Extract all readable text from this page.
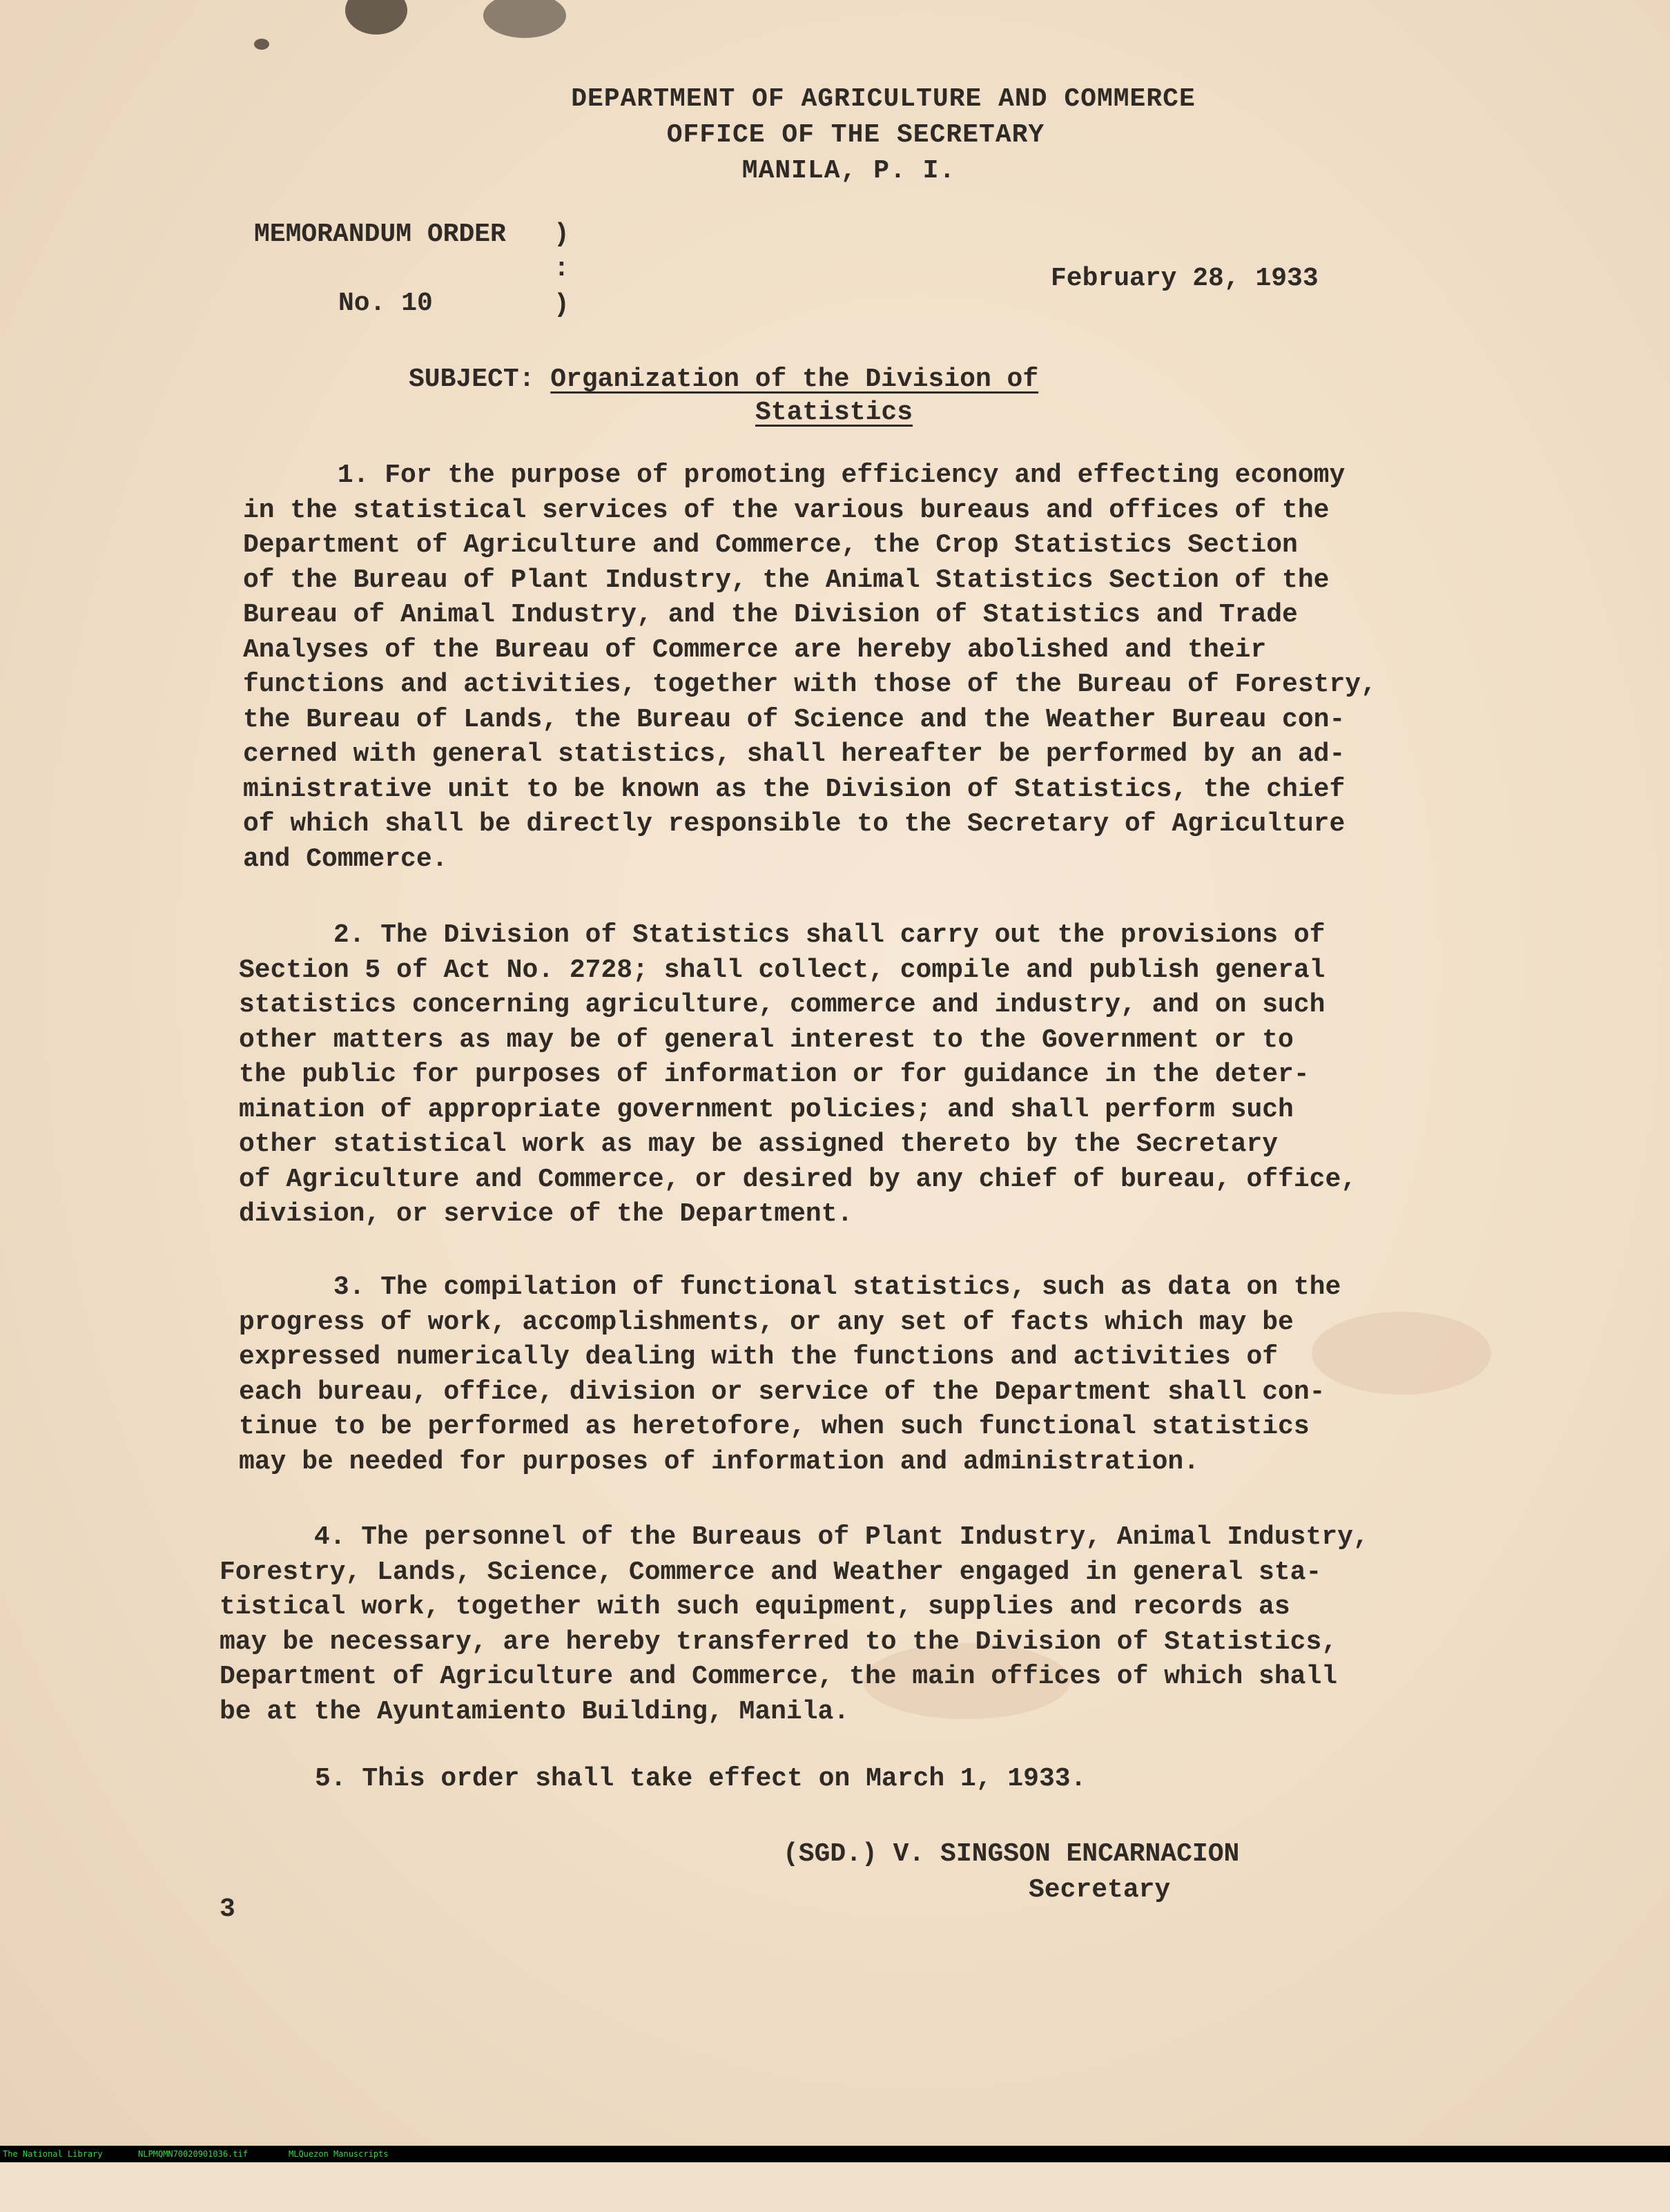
DEPARTMENT OF AGRICULTURE AND COMMERCE
OFFICE OF THE SECRETARY
MANILA, P. I.
MEMORANDUM ORDER )
:
)
No. 10
February 28, 1933
SUBJECT: Organization of the Division of
Statistics
1. For the purpose of promoting efficiency and effecting economy
in the statistical services of the various bureaus and offices of the
Department of Agriculture and Commerce, the Crop Statistics Section
of the Bureau of Plant Industry, the Animal Statistics Section of the
Bureau of Animal Industry, and the Division of Statistics and Trade
Analyses of the Bureau of Commerce are hereby abolished and their
functions and activities, together with those of the Bureau of Forestry,
the Bureau of Lands, the Bureau of Science and the Weather Bureau con-
cerned with general statistics, shall hereafter be performed by an ad-
ministrative unit to be known as the Division of Statistics, the chief
of which shall be directly responsible to the Secretary of Agriculture
and Commerce.
2. The Division of Statistics shall carry out the provisions of
Section 5 of Act No. 2728; shall collect, compile and publish general
statistics concerning agriculture, commerce and industry, and on such
other matters as may be of general interest to the Government or to
the public for purposes of information or for guidance in the deter-
mination of appropriate government policies; and shall perform such
other statistical work as may be assigned thereto by the Secretary
of Agriculture and Commerce, or desired by any chief of bureau, office,
division, or service of the Department.
3. The compilation of functional statistics, such as data on the
progress of work, accomplishments, or any set of facts which may be
expressed numerically dealing with the functions and activities of
each bureau, office, division or service of the Department shall con-
tinue to be performed as heretofore, when such functional statistics
may be needed for purposes of information and administration.
4. The personnel of the Bureaus of Plant Industry, Animal Industry,
Forestry, Lands, Science, Commerce and Weather engaged in general sta-
tistical work, together with such equipment, supplies and records as
may be necessary, are hereby transferred to the Division of Statistics,
Department of Agriculture and Commerce, the main offices of which shall
be at the Ayuntamiento Building, Manila.
5. This order shall take effect on March 1, 1933.
(SGD.) V. SINGSON ENCARNACION
Secretary
3

The National Library

	NLPMQMN70020901036.tif

	MLQuezon Manuscripts
